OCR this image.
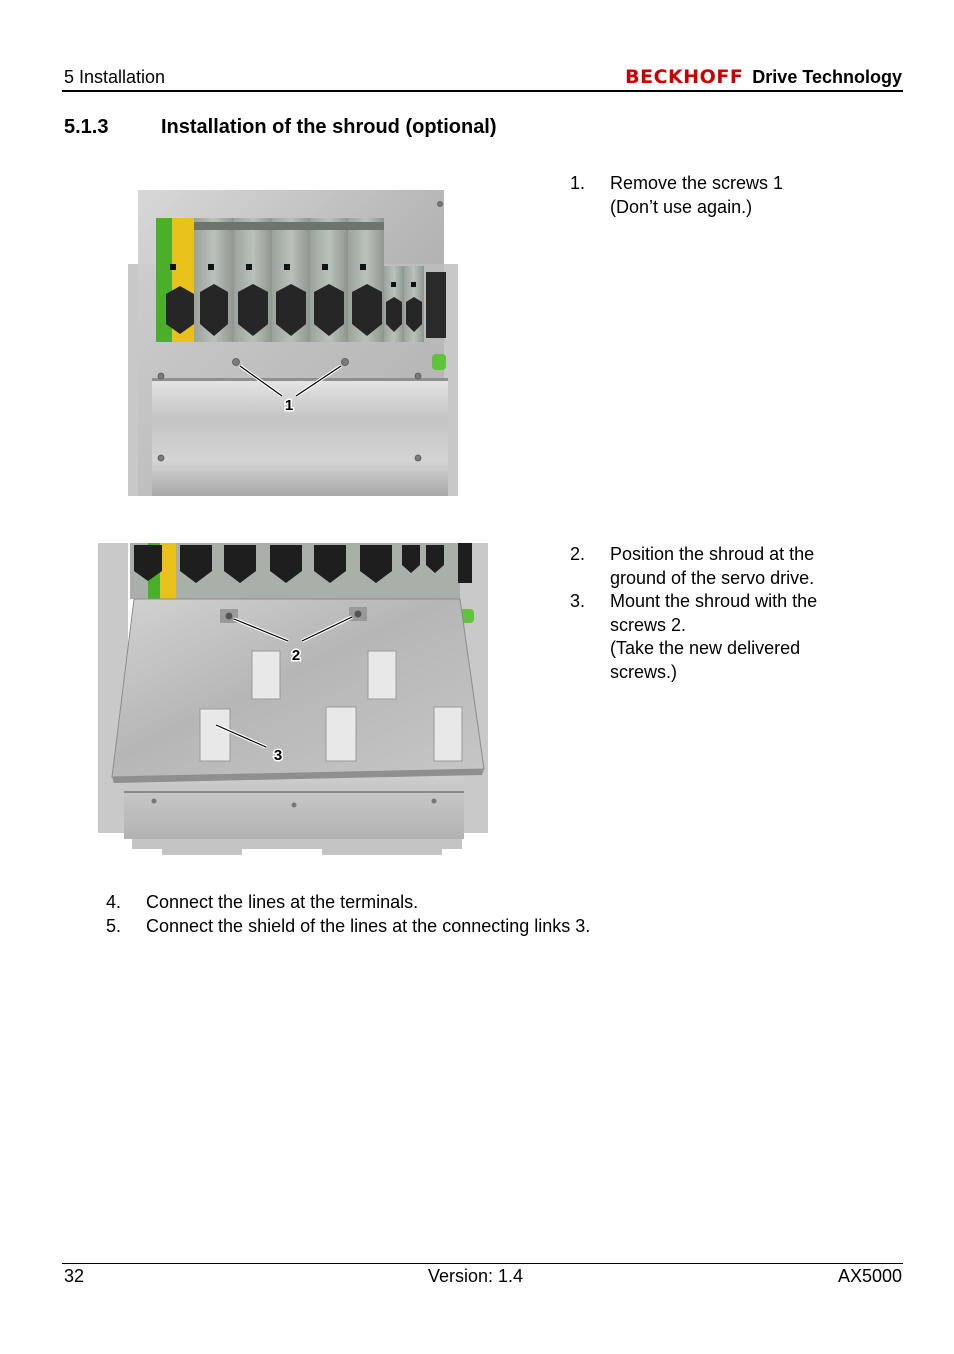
5 Installation	BECKHOFF Drive Technology
5.1.3	Installation of the shroud (optional)
1
1.	Remove the screws 1
(Don’t use again.)
2
3
2.	Position the shroud at the
ground of the servo drive.
3.	Mount the shroud with the
screws 2.
(Take the new delivered
screws.)
4.	Connect the lines at the terminals.
5.	Connect the shield of the lines at the connecting links 3.
32	Version: 1.4	AX5000
